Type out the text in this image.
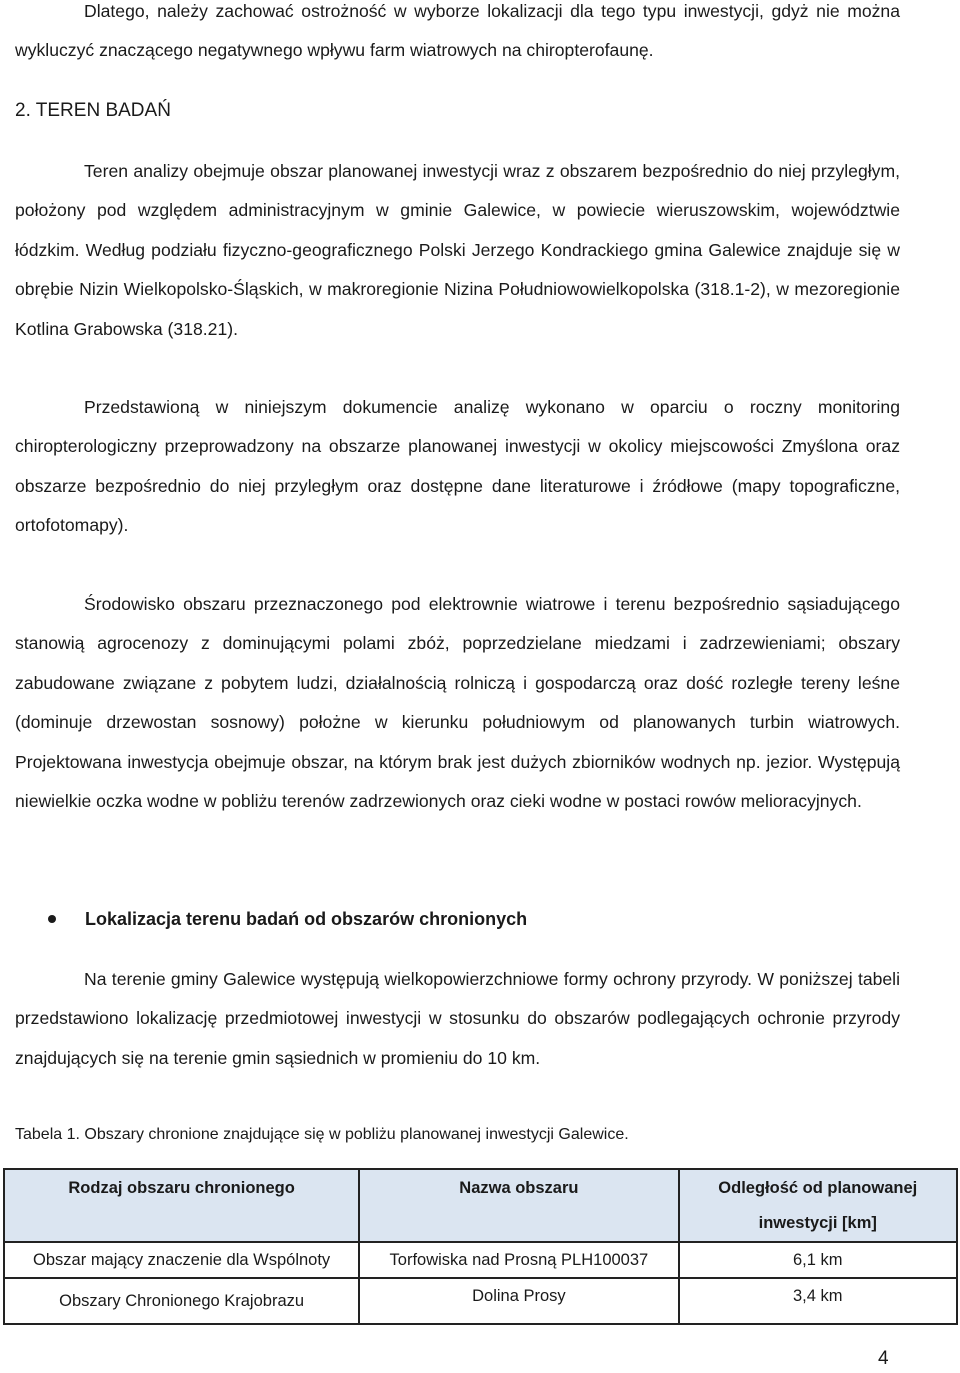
Dlatego, należy zachować ostrożność w wyborze lokalizacji dla tego typu inwestycji, gdyż nie można wykluczyć znaczącego negatywnego wpływu farm wiatrowych na chiropterofaunę.

2. TEREN BADAŃ

Teren analizy obejmuje obszar planowanej inwestycji wraz z obszarem bezpośrednio do niej przyległym, położony pod względem administracyjnym w gminie Galewice, w powiecie wieruszowskim, województwie łódzkim. Według podziału fizyczno-geograficznego Polski Jerzego Kondrackiego gmina Galewice znajduje się w obrębie Nizin Wielkopolsko-Śląskich, w makroregionie Nizina Południowowielkopolska (318.1-2), w mezoregionie Kotlina Grabowska (318.21).

Przedstawioną w niniejszym dokumencie analizę wykonano w oparciu o roczny monitoring chiropterologiczny przeprowadzony na obszarze planowanej inwestycji w okolicy miejscowości Zmyślona oraz obszarze bezpośrednio do niej przyległym oraz dostępne dane literaturowe i źródłowe (mapy topograficzne, ortofotomapy).

Środowisko obszaru przeznaczonego pod elektrownie wiatrowe i terenu bezpośrednio sąsiadującego stanowią agrocenozy z dominującymi polami zbóż, poprzedzielane miedzami i zadrzewieniami; obszary zabudowane związane z pobytem ludzi, działalnością rolniczą i gospodarczą oraz dość rozległe tereny leśne (dominuje drzewostan sosnowy) położne w kierunku południowym od planowanych turbin wiatrowych. Projektowana inwestycja obejmuje obszar, na którym brak jest dużych zbiorników wodnych np. jezior. Występują niewielkie oczka wodne w pobliżu terenów zadrzewionych oraz cieki wodne w postaci rowów melioracyjnych.

Lokalizacja terenu badań od obszarów chronionych

Na terenie gminy Galewice występują wielkopowierzchniowe formy ochrony przyrody. W poniższej tabeli przedstawiono lokalizację przedmiotowej inwestycji w stosunku do obszarów podlegających ochronie przyrody znajdujących się na terenie gmin sąsiednich w promieniu do 10 km.

Tabela 1. Obszary chronione znajdujące się w pobliżu planowanej inwestycji Galewice.

Rodzaj obszaru chronionego	Nazwa obszaru	Odległość od planowanej inwestycji [km]
Obszar mający znaczenie dla Wspólnoty	Torfowiska nad Prosną PLH100037	6,1 km
Obszary Chronionego Krajobrazu	Dolina Prosy	3,4 km

4
